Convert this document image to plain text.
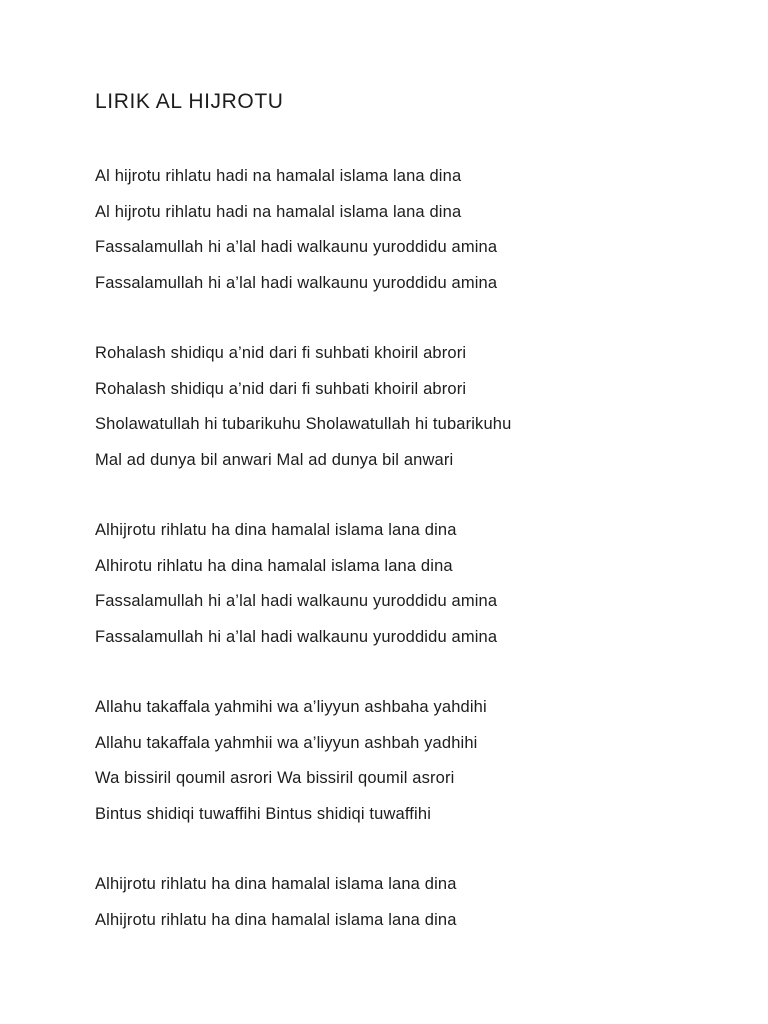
LIRIK AL HIJROTU

Al hijrotu rihlatu hadi na hamalal islama lana dina

Al hijrotu rihlatu hadi na hamalal islama lana dina

Fassalamullah hi a’lal hadi walkaunu yuroddidu amina

Fassalamullah hi a’lal hadi walkaunu yuroddidu amina

Rohalash shidiqu a’nid dari fi suhbati khoiril abrori

Rohalash shidiqu a’nid dari fi suhbati khoiril abrori

Sholawatullah hi tubarikuhu Sholawatullah hi tubarikuhu

Mal ad dunya bil anwari Mal ad dunya bil anwari

Alhijrotu rihlatu ha dina hamalal islama lana dina

Alhirotu rihlatu ha dina hamalal islama lana dina

Fassalamullah hi a’lal hadi walkaunu yuroddidu amina

Fassalamullah hi a’lal hadi walkaunu yuroddidu amina

Allahu takaffala yahmihi wa a’liyyun ashbaha yahdihi

Allahu takaffala yahmhii wa a’liyyun ashbah yadhihi

Wa bissiril qoumil asrori Wa bissiril qoumil asrori

Bintus shidiqi tuwaffihi Bintus shidiqi tuwaffihi

Alhijrotu rihlatu ha dina hamalal islama lana dina

Alhijrotu rihlatu ha dina hamalal islama lana dina
